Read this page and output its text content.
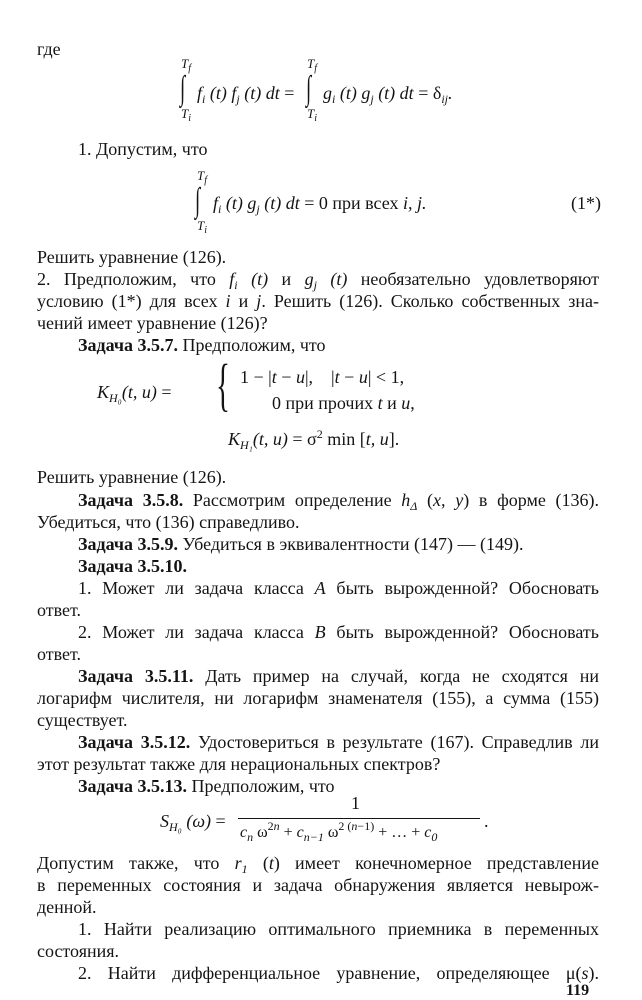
где
$T_f$
∫
$T_i$
$f_i$ (t) $f_j$ (t) dt =
$T_f$
∫
$T_i$
$g_i$ (t) $g_j$ (t) dt = $\delta_{ij}$.
1. Допустим, что
$T_f$
∫
$T_i$
$f_i$ (t) $g_j$ (t) dt = 0 при всех i, j.	(1*)
Решить уравнение (126).
2. Предположим, что $f_i$ (t) и $g_j$ (t) необязательно удовлетворяют
условию (1*) для всех i и j. Решить (126). Сколько собственных зна-
чений имеет уравнение (126)?
Задача 3.5.7. Предположим, что
$K_{H_0}(t$, u) = { 1 − |t − u|,    |t − u| < 1,
0 при прочих t и u,
$K_{H_1}(t$, $u) = \sigma^2$ min [t, u].
Решить уравнение (126).
Задача 3.5.8. Рассмотрим определение $h_\Delta$ (x, y) в форме (136).
Убедиться, что (136) справедливо.
Задача 3.5.9. Убедиться в эквивалентности (147) — (149).
Задача 3.5.10.
1. Может ли задача класса A быть вырожденной? Обосновать
ответ.
2. Может ли задача класса B быть вырожденной? Обосновать
ответ.
Задача 3.5.11. Дать пример на случай, когда не сходятся ни
логарифм числителя, ни логарифм знаменателя (155), а сумма (155)
существует.
Задача 3.5.12. Удостовериться в результате (167). Справедлив ли
этот результат также для нерациональных спектров?
Задача 3.5.13. Предположим, что
$S_{H_0}$ (ω) =
1
$c_n$ $\omega^{2n} + c_{n-1}$ $\omega^{2 (n-1)}$ + … + $c_0$
.
Допустим также, что $r_1$ (t) имеет конечномерное представление
в переменных состояния и задача обнаружения является невырож-
денной.
1. Найти реализацию оптимального приемника в переменных
состояния.
2. Найти дифференциальное уравнение, определяющее μ(s).
119
